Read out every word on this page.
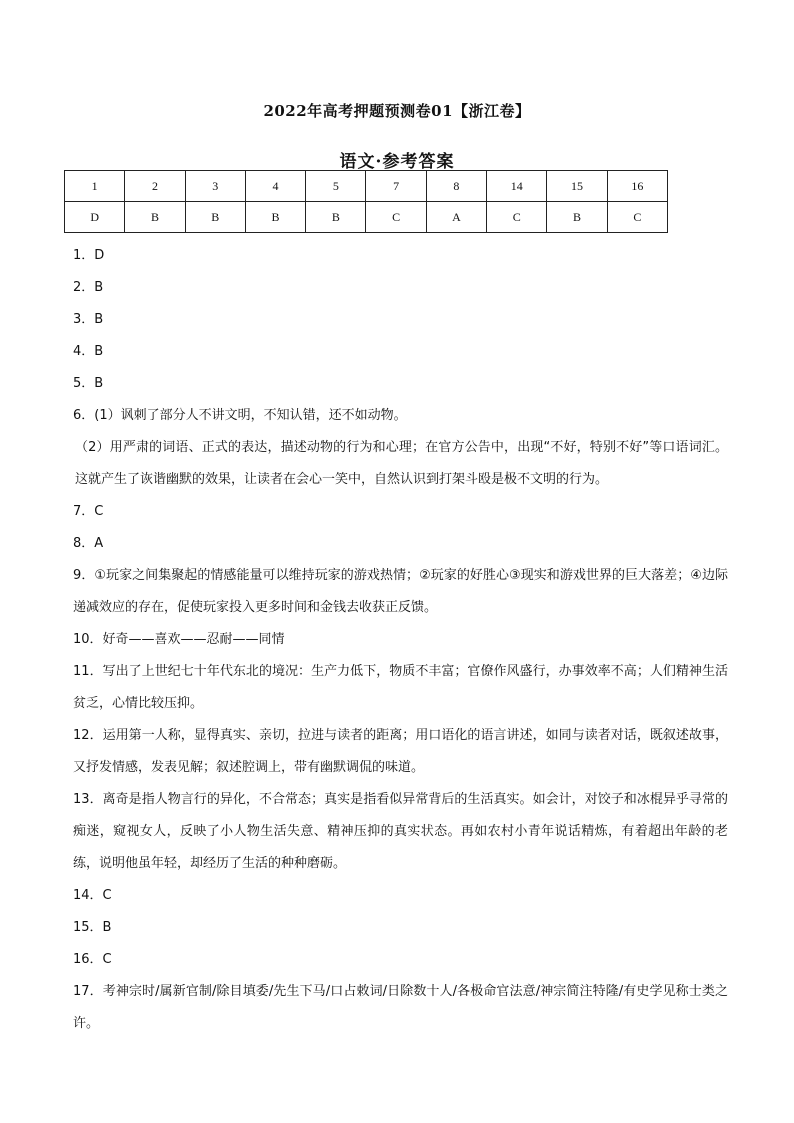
2022年高考押题预测卷01【浙江卷】
语文·参考答案
1	2	3	4	5	7	8	14	15	16
D	B	B	B	B	C	A	C	B	C

1．D

2．B

3．B

4．B

5．B

6．(1）讽刺了部分人不讲文明，不知认错，还不如动物。

（2）用严肃的词语、正式的表达，描述动物的行为和心理；在官方公告中，出现“不好，特别不好”等口语词汇。这就产生了诙谐幽默的效果，让读者在会心一笑中，自然认识到打架斗殴是极不文明的行为。

7．C

8．A

9．①玩家之间集聚起的情感能量可以维持玩家的游戏热情；②玩家的好胜心③现实和游戏世界的巨大落差；④边际递减效应的存在，促使玩家投入更多时间和金钱去收获正反馈。

10．好奇——喜欢——忍耐——同情

11．写出了上世纪七十年代东北的境况：生产力低下，物质不丰富；官僚作风盛行，办事效率不高；人们精神生活贫乏，心情比较压抑。

12．运用第一人称，显得真实、亲切，拉进与读者的距离；用口语化的语言讲述，如同与读者对话，既叙述故事，又抒发情感，发表见解；叙述腔调上，带有幽默调侃的味道。

13．离奇是指人物言行的异化，不合常态；真实是指看似异常背后的生活真实。如会计，对饺子和冰棍异乎寻常的痴迷，窥视女人，反映了小人物生活失意、精神压抑的真实状态。再如农村小青年说话精炼，有着超出年龄的老练，说明他虽年轻，却经历了生活的种种磨砺。

14．C

15．B

16．C

17．考神宗时/属新官制/除目填委/先生下马/口占敕词/日除数十人/各极命官法意/神宗简注特隆/有史学见称士类之许。
